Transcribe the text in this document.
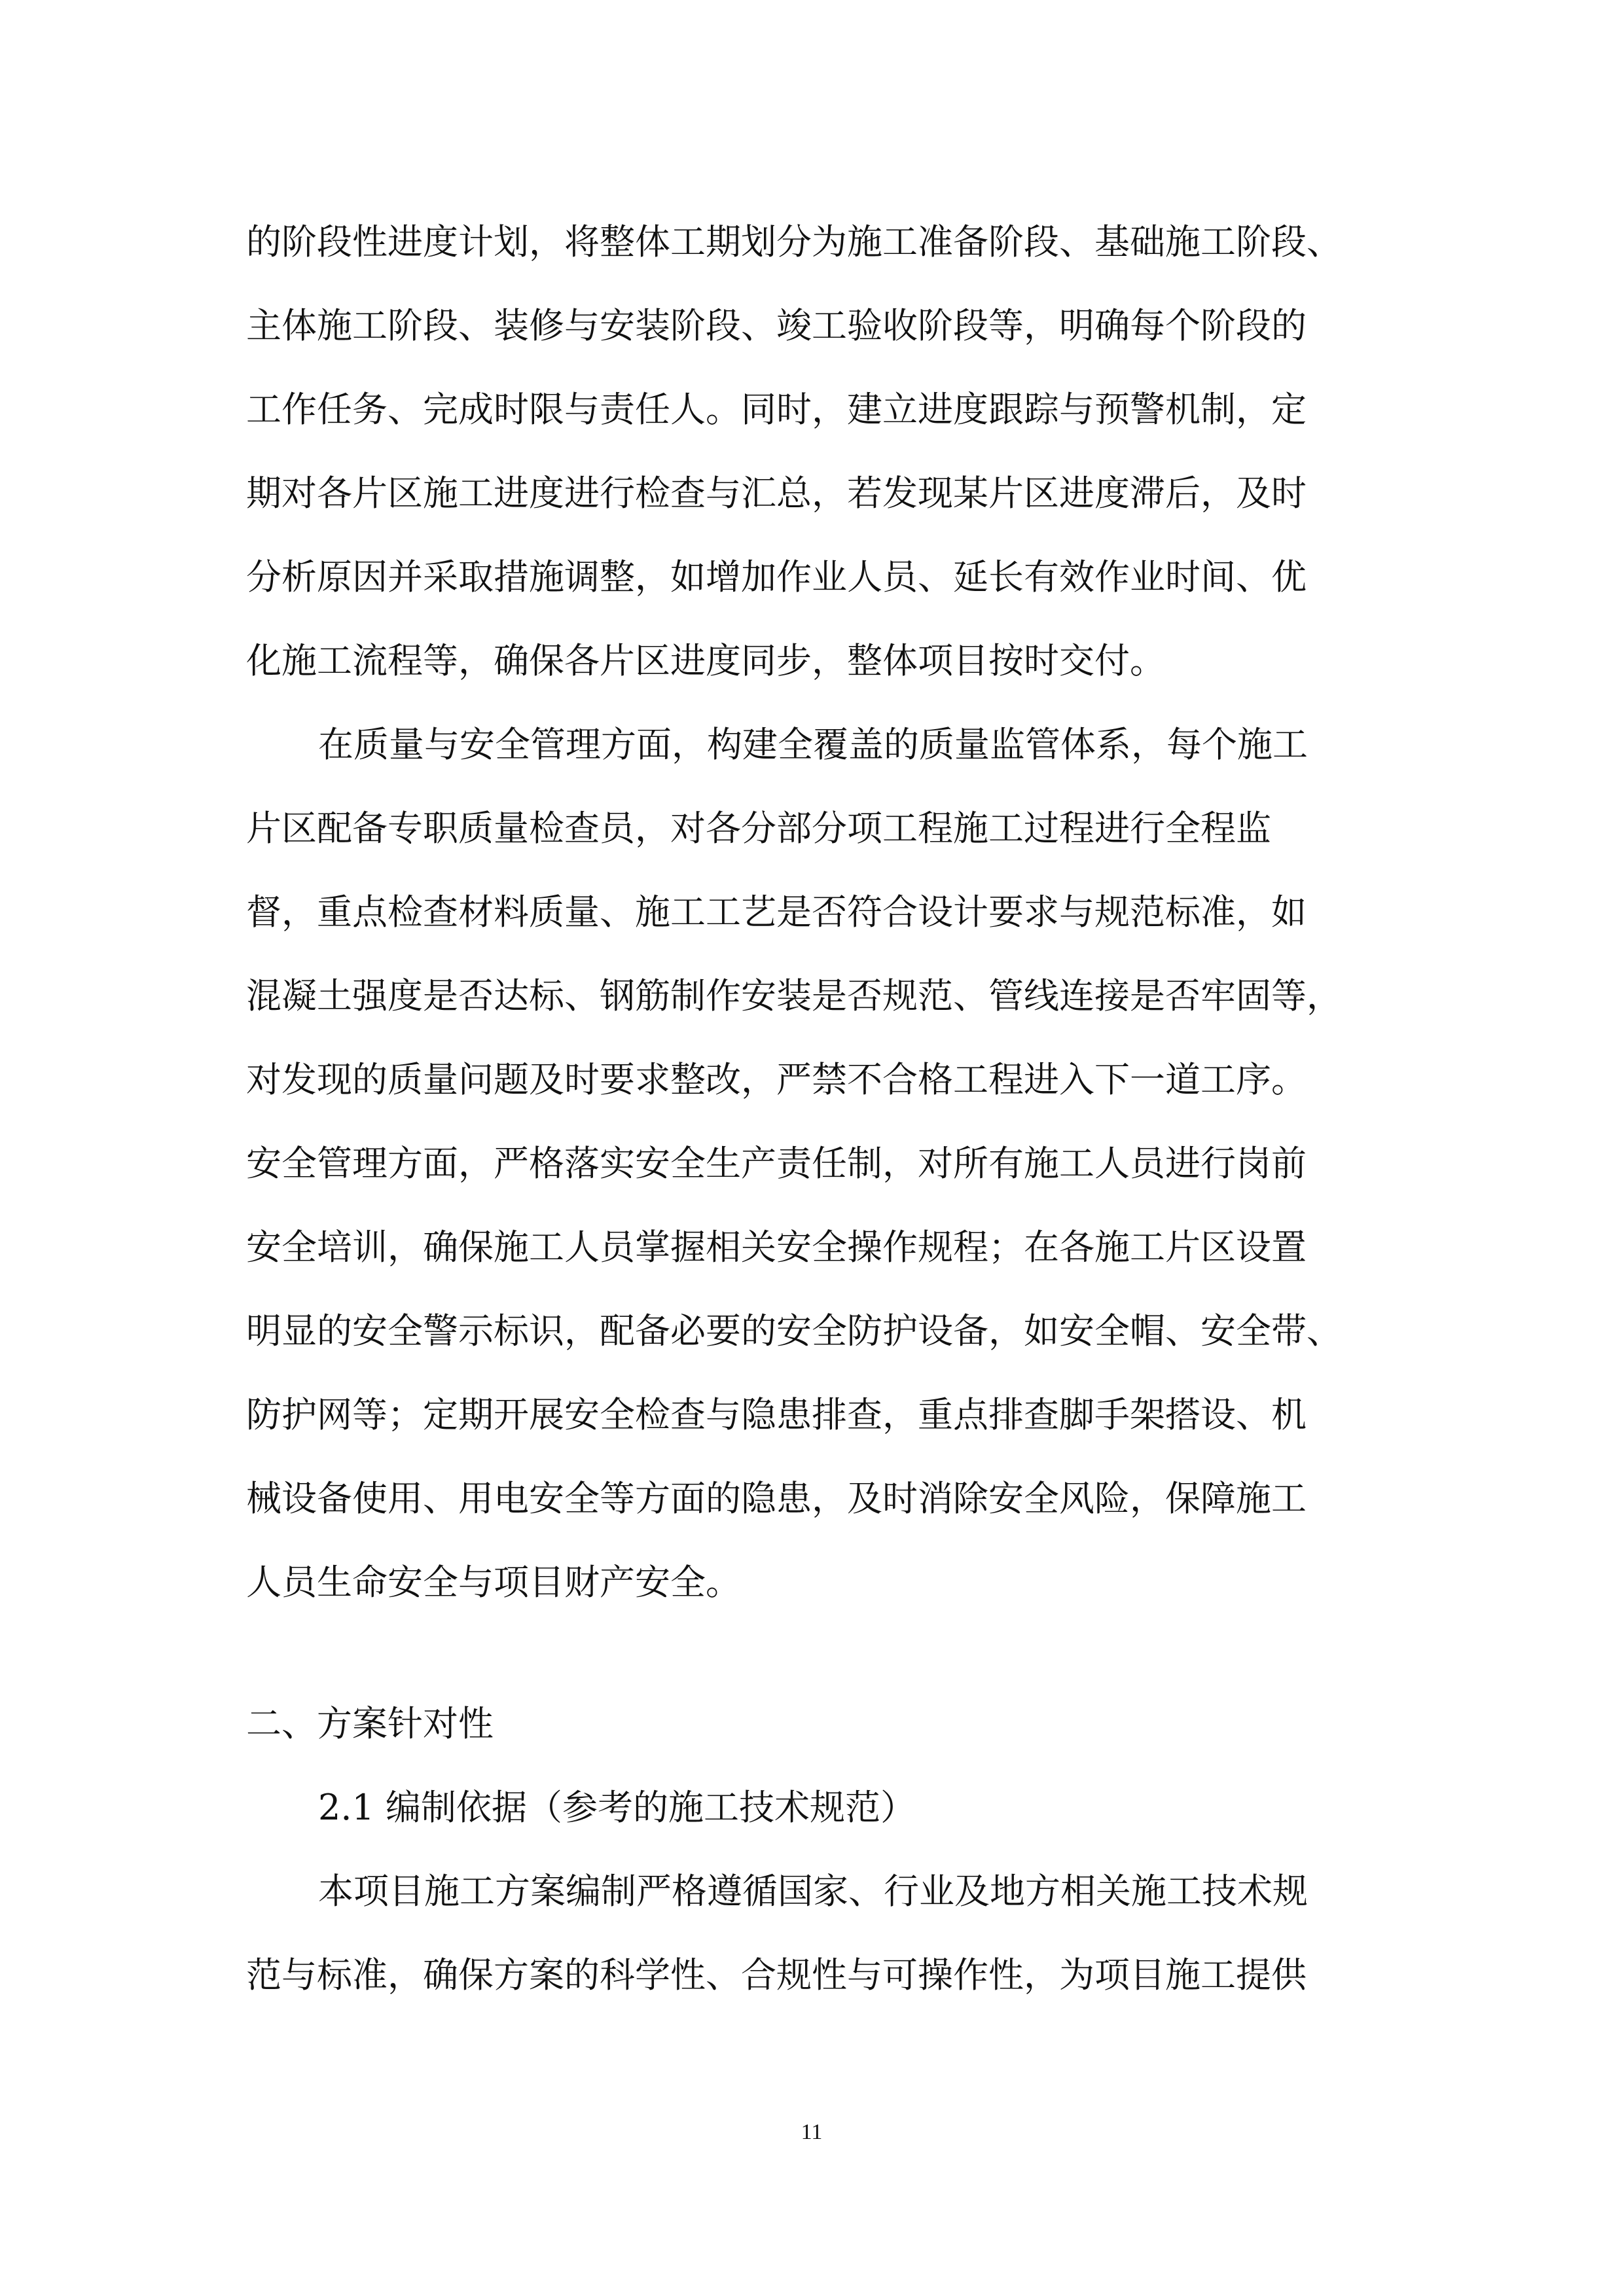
的阶段性进度计划，将整体工期划分为施工准备阶段、基础施工阶段、
主体施工阶段、装修与安装阶段、竣工验收阶段等，明确每个阶段的
工作任务、完成时限与责任人。同时，建立进度跟踪与预警机制，定
期对各片区施工进度进行检查与汇总，若发现某片区进度滞后，及时
分析原因并采取措施调整，如增加作业人员、延长有效作业时间、优
化施工流程等，确保各片区进度同步，整体项目按时交付。
在质量与安全管理方面，构建全覆盖的质量监管体系，每个施工
片区配备专职质量检查员，对各分部分项工程施工过程进行全程监
督，重点检查材料质量、施工工艺是否符合设计要求与规范标准，如
混凝土强度是否达标、钢筋制作安装是否规范、管线连接是否牢固等，
对发现的质量问题及时要求整改，严禁不合格工程进入下一道工序。
安全管理方面，严格落实安全生产责任制，对所有施工人员进行岗前
安全培训，确保施工人员掌握相关安全操作规程；在各施工片区设置
明显的安全警示标识，配备必要的安全防护设备，如安全帽、安全带、
防护网等；定期开展安全检查与隐患排查，重点排查脚手架搭设、机
械设备使用、用电安全等方面的隐患，及时消除安全风险，保障施工
人员生命安全与项目财产安全。
二、方案针对性
2.1 编制依据（参考的施工技术规范）
本项目施工方案编制严格遵循国家、行业及地方相关施工技术规
范与标准，确保方案的科学性、合规性与可操作性，为项目施工提供
11
